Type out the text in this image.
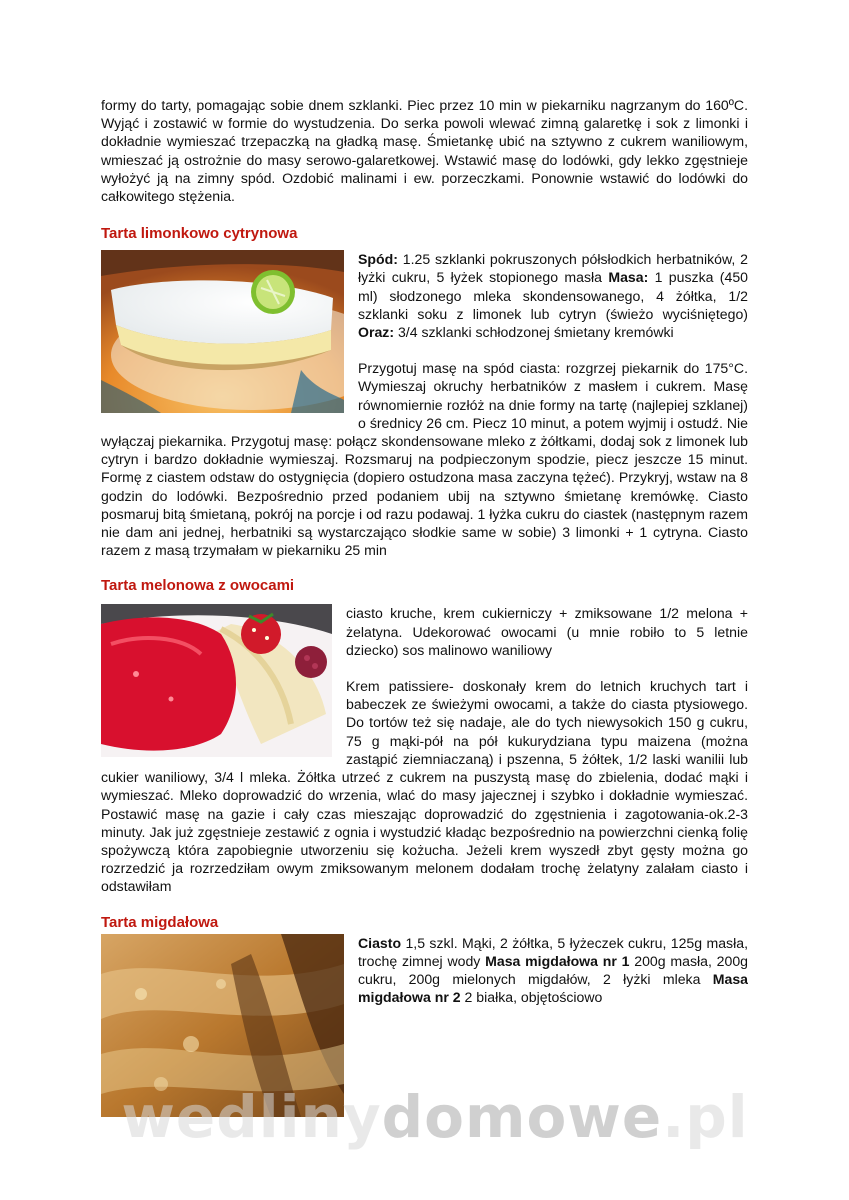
formy do tarty, pomagając sobie dnem szklanki. Piec przez 10 min w piekarniku nagrzanym do 160ºC. Wyjąć i zostawić w formie do wystudzenia. Do serka powoli wlewać zimną galaretkę i sok z limonki i dokładnie wymieszać trzepaczką na gładką masę. Śmietankę ubić na sztywno z cukrem waniliowym, wmieszać ją ostrożnie do masy serowo-galaretkowej. Wstawić masę do lodówki, gdy lekko zgęstnieje wyłożyć ją na zimny spód. Ozdobić malinami i ew. porzeczkami. Ponownie wstawić do lodówki do całkowitego stężenia.

Tarta limonkowo cytrynowa

Spód: 1.25 szklanki pokruszonych półsłodkich herbatników, 2 łyżki cukru, 5 łyżek stopionego masła Masa: 1 puszka (450 ml) słodzonego mleka skondensowanego, 4 żółtka, 1/2 szklanki soku z limonek lub cytryn (świeżo wyciśniętego) Oraz: 3/4 szklanki schłodzonej śmietany kremówki

Przygotuj masę na spód ciasta: rozgrzej piekarnik do 175°C. Wymieszaj okruchy herbatników z masłem i cukrem. Masę równomiernie rozłóż na dnie formy na tartę (najlepiej szklanej) o średnicy 26 cm. Piecz 10 minut, a potem wyjmij i ostudź. Nie wyłączaj piekarnika. Przygotuj masę: połącz skondensowane mleko z żółtkami, dodaj sok z limonek lub cytryn i bardzo dokładnie wymieszaj. Rozsmaruj na podpieczonym spodzie, piecz jeszcze 15 minut. Formę z ciastem odstaw do ostygnięcia (dopiero ostudzona masa zaczyna tężeć). Przykryj, wstaw na 8 godzin do lodówki. Bezpośrednio przed podaniem ubij na sztywno śmietanę kremówkę. Ciasto posmaruj bitą śmietaną, pokrój na porcje i od razu podawaj. 1 łyżka cukru do ciastek (następnym razem nie dam ani jednej, herbatniki są wystarczająco słodkie same w sobie) 3 limonki + 1 cytryna. Ciasto razem z masą trzymałam w piekarniku 25 min

Tarta melonowa z owocami

ciasto kruche, krem cukierniczy + zmiksowane 1/2 melona + żelatyna. Udekorować owocami (u mnie robiło to 5 letnie dziecko) sos malinowo waniliowy

Krem patissiere- doskonały krem do letnich kruchych tart i babeczek ze świeżymi owocami, a także do ciasta ptysiowego. Do tortów też się nadaje, ale do tych niewysokich 150 g cukru, 75 g mąki-pół na pół kukurydziana typu maizena (można zastąpić ziemniaczaną) i pszenna, 5 żółtek, 1/2 laski wanilii lub cukier waniliowy, 3/4 l mleka. Żółtka utrzeć z cukrem na puszystą masę do zbielenia, dodać mąki i wymieszać. Mleko doprowadzić do wrzenia, wlać do masy jajecznej i szybko i dokładnie wymieszać. Postawić masę na gazie i cały czas mieszając doprowadzić do zgęstnienia i zagotowania-ok.2-3 minuty. Jak już zgęstnieje zestawić z ognia i wystudzić kładąc bezpośrednio na powierzchni cienką folię spożywczą która zapobiegnie utworzeniu się kożucha. Jeżeli krem wyszedł zbyt gęsty można go rozrzedzić ja rozrzedziłam owym zmiksowanym melonem dodałam trochę żelatyny zalałam ciasto i odstawiłam

Tarta migdałowa

Ciasto 1,5 szkl. Mąki, 2 żółtka, 5 łyżeczek cukru, 125g masła, trochę zimnej wody Masa migdałowa nr 1 200g masła, 200g cukru, 200g mielonych migdałów, 2 łyżki mleka Masa migdałowa nr 2 2 białka, objętościowo

wedlinydomowe.pl
